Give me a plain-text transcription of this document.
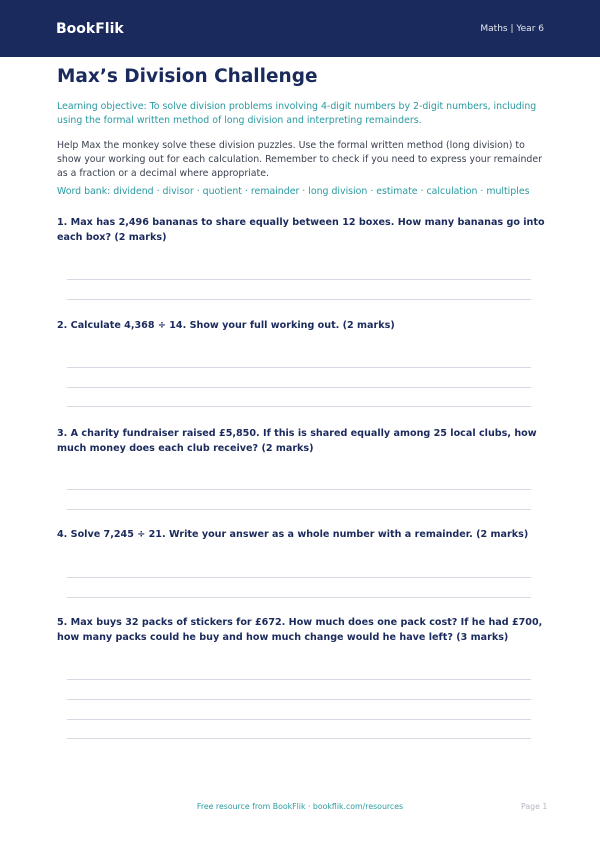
BookFlik	Maths | Year 6
Max’s Division Challenge
Learning objective: To solve division problems involving 4-digit numbers by 2-digit numbers, including using the formal written method of long division and interpreting remainders.
Help Max the monkey solve these division puzzles. Use the formal written method (long division) to show your working out for each calculation. Remember to check if you need to express your remainder as a fraction or a decimal where appropriate.
Word bank: dividend · divisor · quotient · remainder · long division · estimate · calculation · multiples
1. Max has 2,496 bananas to share equally between 12 boxes. How many bananas go into each box? (2 marks)
2. Calculate 4,368 ÷ 14. Show your full working out. (2 marks)
3. A charity fundraiser raised £5,850. If this is shared equally among 25 local clubs, how much money does each club receive? (2 marks)
4. Solve 7,245 ÷ 21. Write your answer as a whole number with a remainder. (2 marks)
5. Max buys 32 packs of stickers for £672. How much does one pack cost? If he had £700, how many packs could he buy and how much change would he have left? (3 marks)
Free resource from BookFlik · bookflik.com/resources	Page 1
